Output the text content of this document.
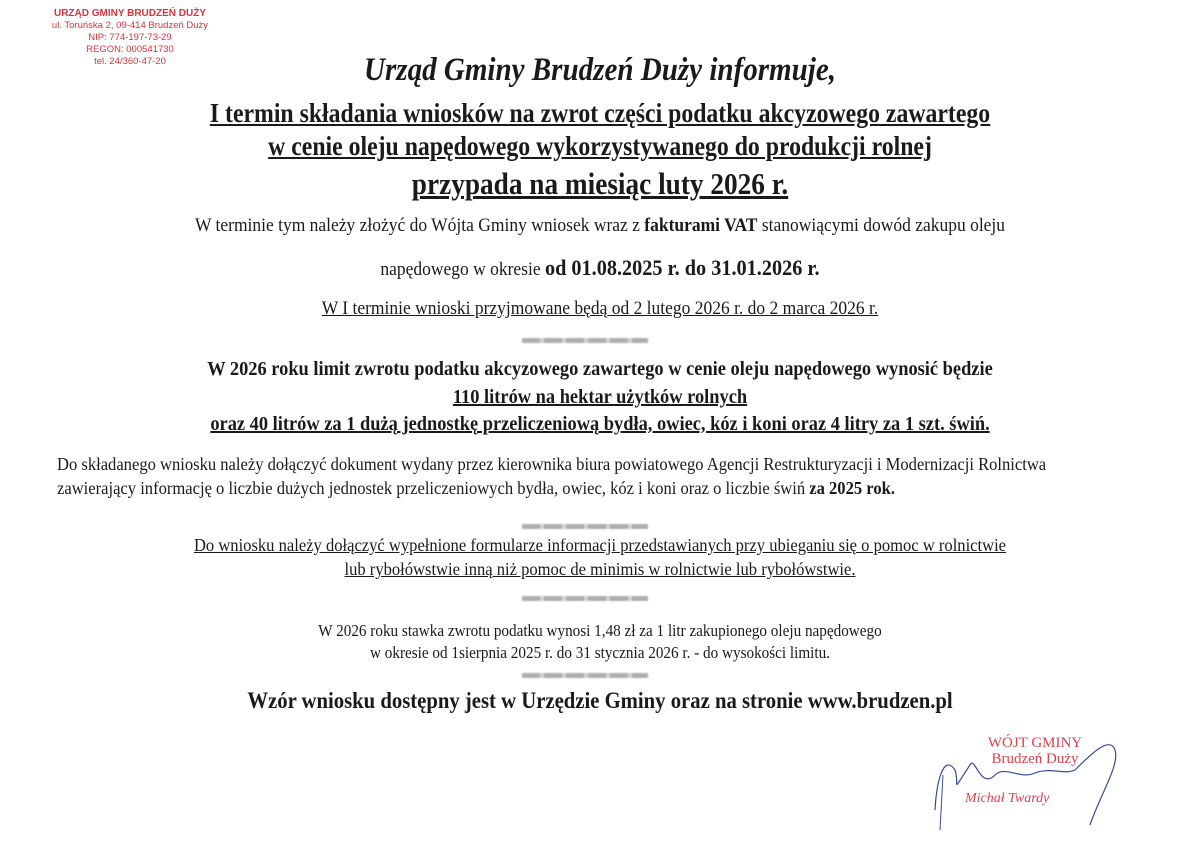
URZĄD GMINY BRUDZEŃ DUŻY
ul. Toruńska 2, 09-414 Brudzeń Duży
NIP: 774-197-73-29
REGON: 000541730
tel. 24/360-47-20	Urząd Gminy Brudzeń Duży informuje,
I termin składania wniosków na zwrot części podatku akcyzowego zawartego
w cenie oleju napędowego wykorzystywanego do produkcji rolnej
przypada na miesiąc luty 2026 r.
W terminie tym należy złożyć do Wójta Gminy wniosek wraz z fakturami VAT stanowiącymi dowód zakupu oleju
napędowego w okresie od 01.08.2025 r. do 31.01.2026 r.
W I terminie wnioski przyjmowane będą od 2 lutego 2026 r. do 2 marca 2026 r.
W 2026 roku limit zwrotu podatku akcyzowego zawartego w cenie oleju napędowego wynosić będzie
110 litrów na hektar użytków rolnych
oraz 40 litrów za 1 dużą jednostkę przeliczeniową bydła, owiec, kóz i koni oraz 4 litry za 1 szt. świń.
Do składanego wniosku należy dołączyć dokument wydany przez kierownika biura powiatowego Agencji Restrukturyzacji i Modernizacji Rolnictwa zawierający informację o liczbie dużych jednostek przeliczeniowych bydła, owiec, kóz i koni oraz o liczbie świń za 2025 rok.
Do wniosku należy dołączyć wypełnione formularze informacji przedstawianych przy ubieganiu się o pomoc w rolnictwie
lub rybołówstwie inną niż pomoc de minimis w rolnictwie lub rybołówstwie.
W 2026 roku stawka zwrotu podatku wynosi 1,48 zł za 1 litr zakupionego oleju napędowego
w okresie od 1sierpnia 2025 r. do 31 stycznia 2026 r. - do wysokości limitu.
Wzór wniosku dostępny jest w Urzędzie Gminy oraz na stronie www.brudzen.pl
WÓJT GMINY
Brudzeń Duży
Michał Twardy
